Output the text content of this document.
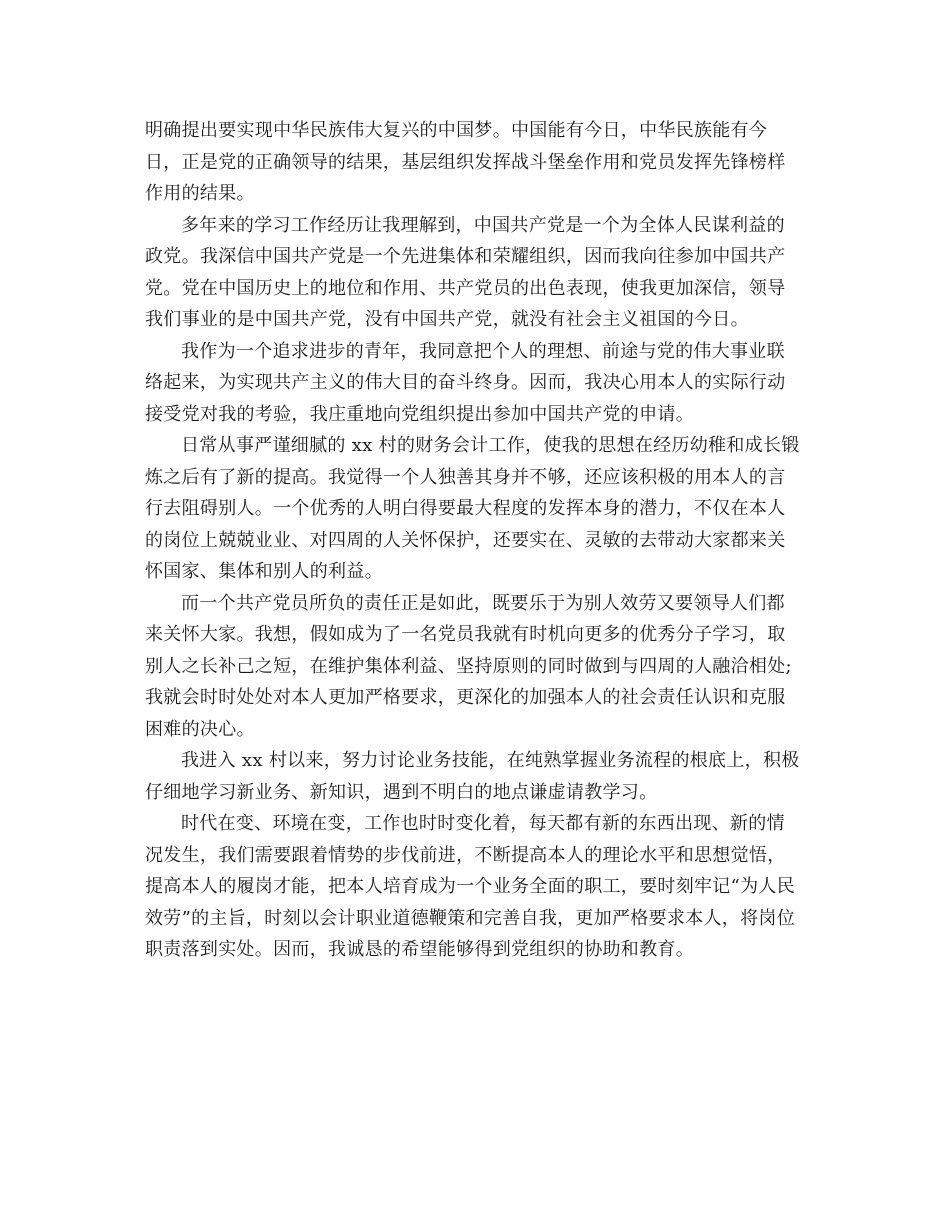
明确提出要实现中华民族伟大复兴的中国梦。中国能有今日，中华民族能有今
日，正是党的正确领导的结果，基层组织发挥战斗堡垒作用和党员发挥先锋榜样
作用的结果。
多年来的学习工作经历让我理解到，中国共产党是一个为全体人民谋利益的
政党。我深信中国共产党是一个先进集体和荣耀组织，因而我向往参加中国共产
党。党在中国历史上的地位和作用、共产党员的出色表现，使我更加深信，领导
我们事业的是中国共产党，没有中国共产党，就没有社会主义祖国的今日。
我作为一个追求进步的青年，我同意把个人的理想、前途与党的伟大事业联
络起来，为实现共产主义的伟大目的奋斗终身。因而，我决心用本人的实际行动
接受党对我的考验，我庄重地向党组织提出参加中国共产党的申请。
日常从事严谨细腻的 xx 村的财务会计工作，使我的思想在经历幼稚和成长锻
炼之后有了新的提高。我觉得一个人独善其身并不够，还应该积极的用本人的言
行去阻碍别人。一个优秀的人明白得要最大程度的发挥本身的潜力，不仅在本人
的岗位上兢兢业业、对四周的人关怀保护，还要实在、灵敏的去带动大家都来关
怀国家、集体和别人的利益。
而一个共产党员所负的责任正是如此，既要乐于为别人效劳又要领导人们都
来关怀大家。我想，假如成为了一名党员我就有时机向更多的优秀分子学习，取
别人之长补己之短，在维护集体利益、坚持原则的同时做到与四周的人融洽相处;
我就会时时处处对本人更加严格要求，更深化的加强本人的社会责任认识和克服
困难的决心。
我进入 xx 村以来，努力讨论业务技能，在纯熟掌握业务流程的根底上，积极
仔细地学习新业务、新知识，遇到不明白的地点谦虚请教学习。
时代在变、环境在变，工作也时时变化着，每天都有新的东西出现、新的情
况发生，我们需要跟着情势的步伐前进，不断提高本人的理论水平和思想觉悟，
提高本人的履岗才能，把本人培育成为一个业务全面的职工，要时刻牢记“为人民
效劳”的主旨，时刻以会计职业道德鞭策和完善自我，更加严格要求本人，将岗位
职责落到实处。因而，我诚恳的希望能够得到党组织的协助和教育。
